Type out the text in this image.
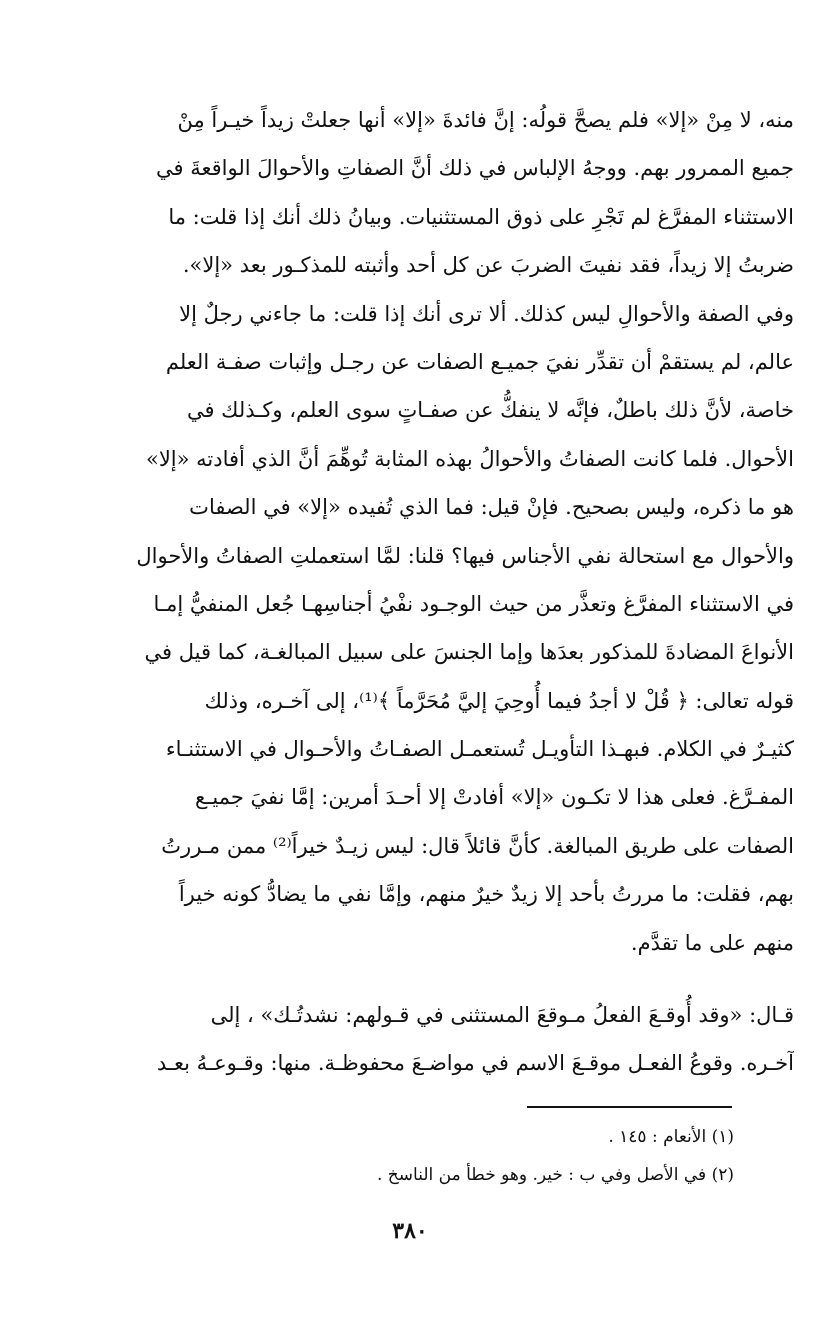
منه، لا مِنْ «إلا» فلم يصحَّ قولُه: إنَّ فائدةَ «إلا» أنها جعلتْ زيداً خيـراً مِنْ
جميع الممرور بهم. ووجهُ الإلباس في ذلك أنَّ الصفاتِ والأحوالَ الواقعةَ في
الاستثناء المفرَّغ لم تَجْرِ على ذوق المستثنيات. وبيانُ ذلك أنك إذا قلت: ما
ضربتُ إلا زيداً، فقد نفيتَ الضربَ عن كل أحد وأثبته للمذكـور بعد «إلا».
وفي الصفة والأحوالِ ليس كذلك. ألا ترى أنك إذا قلت: ما جاءني رجلٌ إلا
عالم، لم يستقمْ أن تقدِّر نفيَ جميـع الصفات عن رجـل وإثبات صفـة العلم
خاصة، لأنَّ ذلك باطلٌ، فإنَّه لا ينفكُّ عن صفـاتٍ سوى العلم، وكـذلك في
الأحوال. فلما كانت الصفاتُ والأحوالُ بهذه المثابة تُوهِّمَ أنَّ الذي أفادته «إلا»
هو ما ذكره، وليس بصحيح. فإنْ قيل: فما الذي تُفيده «إلا» في الصفات
والأحوال مع استحالة نفي الأجناس فيها؟ قلنا: لمَّا استعملتِ الصفاتُ والأحوال
في الاستثناء المفرَّغ وتعذَّر من حيث الوجـود نفْيُ أجناسِهـا جُعل المنفيُّ إمـا
الأنواعَ المضادةَ للمذكور بعدَها وإما الجنسَ على سبيل المبالغـة، كما قيل في
قوله تعالى: ﴿ قُلْ لا أجدُ فيما أُوحِيَ إليَّ مُحَرَّماً ﴾⁽¹⁾، إلى آخـره، وذلك
كثيـرٌ في الكلام. فبهـذا التأويـل تُستعمـل الصفـاتُ والأحـوال في الاستثنـاء
المفـرَّغ. فعلى هذا لا تكـون «إلا» أفادتْ إلا أحـدَ أمرين: إمَّا نفيَ جميـع
الصفات على طريق المبالغة. كأنَّ قائلاً قال: ليس زيـدٌ خيراً⁽²⁾ ممن مـررتُ
بهم، فقلت: ما مررتُ بأحد إلا زيدٌ خيرٌ منهم، وإمَّا نفي ما يضادُّ كونه خيراً
منهم على ما تقدَّم.
قـال: «وقد أُوقـعَ الفعلُ مـوقعَ المستثنى في قـولهم: نشدتُـك» ، إلى
آخـره. وقوعُ الفعـل موقـعَ الاسم في مواضـعَ محفوظـة. منها: وقـوعـهُ بعـد
(١) الأنعام : ١٤٥ .
(٢) في الأصل وفي ب : خير. وهو خطأ من الناسخ .
٣٨٠
